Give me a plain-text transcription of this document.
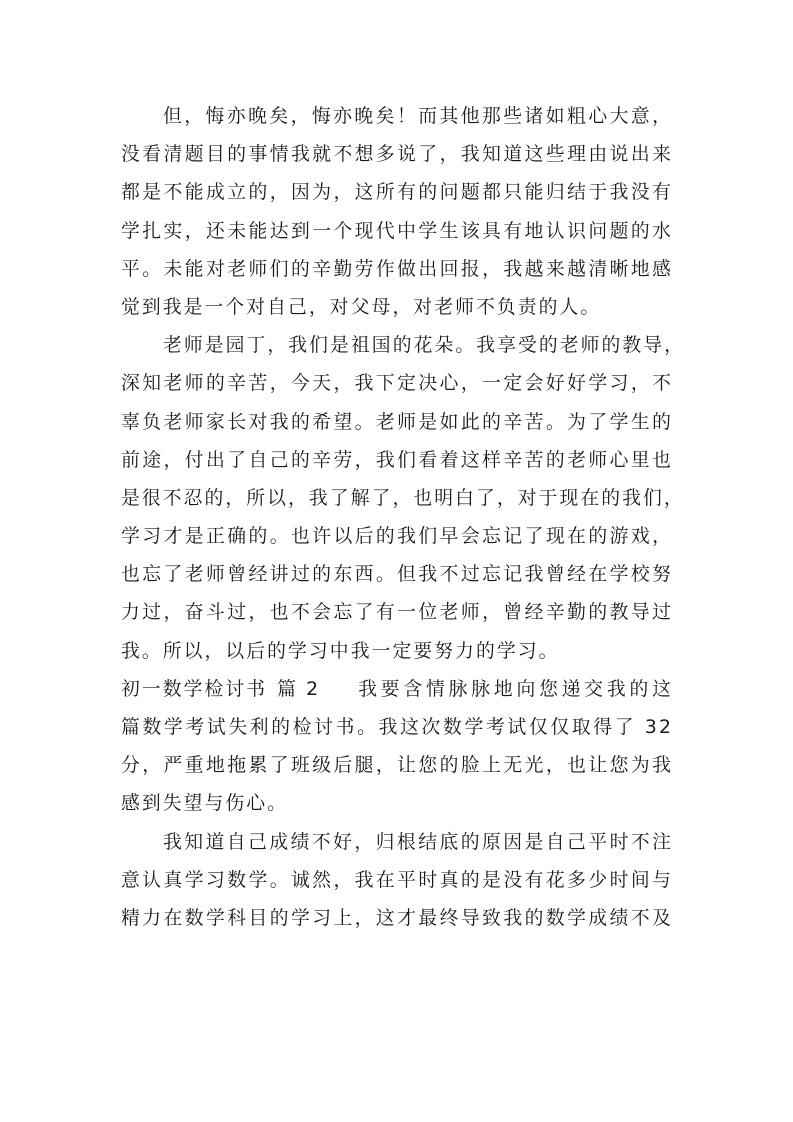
但，悔亦晚矣，悔亦晚矣！而其他那些诸如粗心大意，
没看清题目的事情我就不想多说了，我知道这些理由说出来
都是不能成立的，因为，这所有的问题都只能归结于我没有
学扎实，还未能达到一个现代中学生该具有地认识问题的水
平。未能对老师们的辛勤劳作做出回报，我越来越清晰地感
觉到我是一个对自己，对父母，对老师不负责的人。
老师是园丁，我们是祖国的花朵。我享受的老师的教导，
深知老师的辛苦，今天，我下定决心，一定会好好学习，不
辜负老师家长对我的希望。老师是如此的辛苦。为了学生的
前途，付出了自己的辛劳，我们看着这样辛苦的老师心里也
是很不忍的，所以，我了解了，也明白了，对于现在的我们，
学习才是正确的。也许以后的我们早会忘记了现在的游戏，
也忘了老师曾经讲过的东西。但我不过忘记我曾经在学校努
力过，奋斗过，也不会忘了有一位老师，曾经辛勤的教导过
我。所以，以后的学习中我一定要努力的学习。
初一数学检讨书 篇 2 我要含情脉脉地向您递交我的这
篇数学考试失利的检讨书。我这次数学考试仅仅取得了 32
分，严重地拖累了班级后腿，让您的脸上无光，也让您为我
感到失望与伤心。
我知道自己成绩不好，归根结底的原因是自己平时不注
意认真学习数学。诚然，我在平时真的是没有花多少时间与
精力在数学科目的学习上，这才最终导致我的数学成绩不及
